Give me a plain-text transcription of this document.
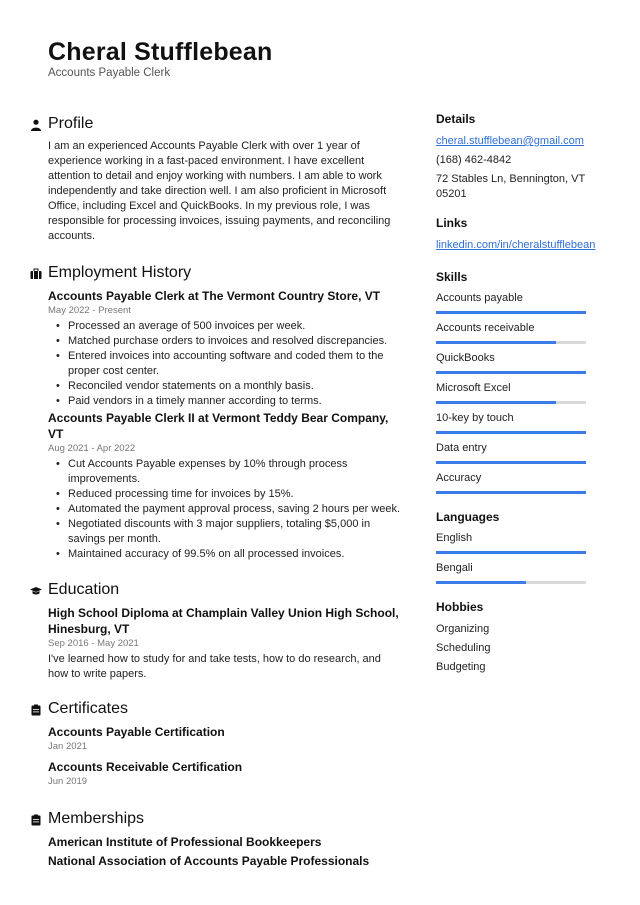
Cheral Stufflebean
Accounts Payable Clerk
Profile
I am an experienced Accounts Payable Clerk with over 1 year of experience working in a fast-paced environment. I have excellent attention to detail and enjoy working with numbers. I am able to work independently and take direction well. I am also proficient in Microsoft Office, including Excel and QuickBooks. In my previous role, I was responsible for processing invoices, issuing payments, and reconciling accounts.
Employment History
Accounts Payable Clerk at The Vermont Country Store, VT
May 2022 - Present
• Processed an average of 500 invoices per week.
• Matched purchase orders to invoices and resolved discrepancies.
• Entered invoices into accounting software and coded them to the proper cost center.
• Reconciled vendor statements on a monthly basis.
• Paid vendors in a timely manner according to terms.
Accounts Payable Clerk II at Vermont Teddy Bear Company, VT
Aug 2021 - Apr 2022
• Cut Accounts Payable expenses by 10% through process improvements.
• Reduced processing time for invoices by 15%.
• Automated the payment approval process, saving 2 hours per week.
• Negotiated discounts with 3 major suppliers, totaling $5,000 in savings per month.
• Maintained accuracy of 99.5% on all processed invoices.
Education
High School Diploma at Champlain Valley Union High School, Hinesburg, VT
Sep 2016 - May 2021
I've learned how to study for and take tests, how to do research, and how to write papers.
Certificates
Accounts Payable Certification
Jan 2021
Accounts Receivable Certification
Jun 2019
Memberships
American Institute of Professional Bookkeepers
National Association of Accounts Payable Professionals
Details
cheral.stufflebean@gmail.com
(168) 462-4842
72 Stables Ln, Bennington, VT 05201
Links
linkedin.com/in/cheralstufflebean
Skills
Accounts payable
Accounts receivable
QuickBooks
Microsoft Excel
10-key by touch
Data entry
Accuracy
Languages
English
Bengali
Hobbies
Organizing
Scheduling
Budgeting
